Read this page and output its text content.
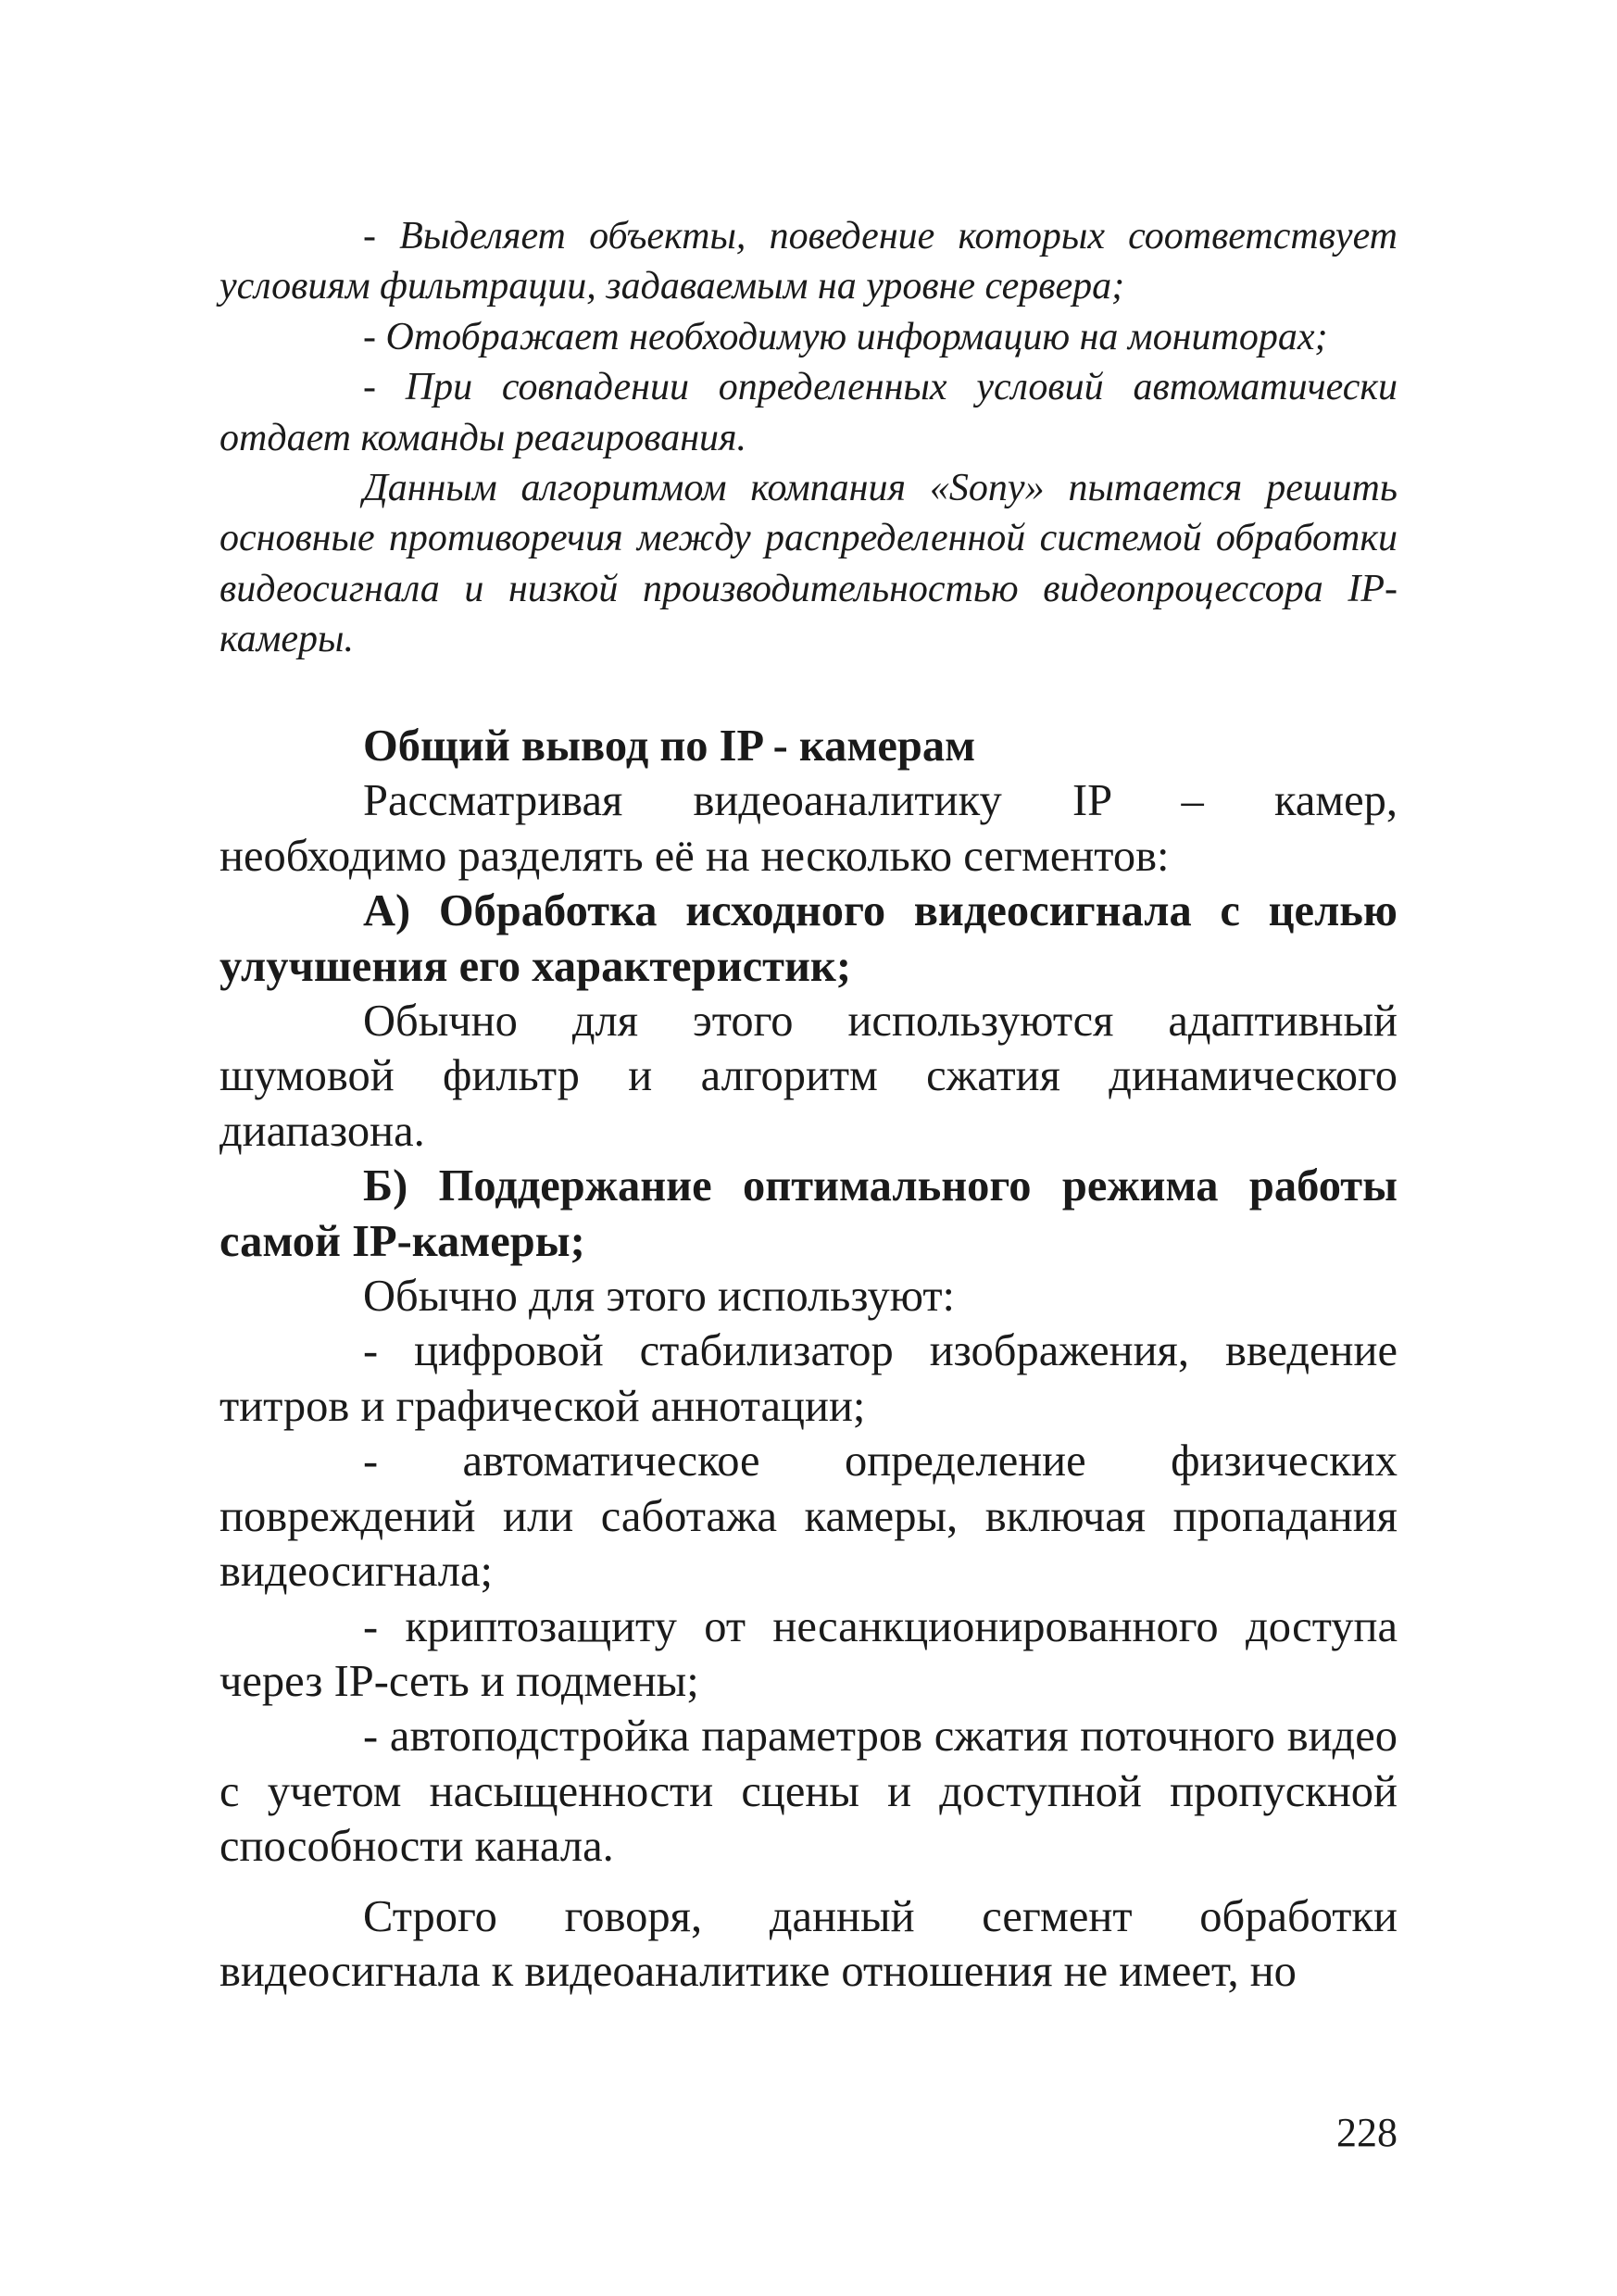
- Выделяет объекты, поведение которых соответствует условиям фильтрации, задаваемым на уровне сервера;

- Отображает необходимую информацию на мониторах;

- При совпадении определенных условий автоматически отдает команды реагирования.

Данным алгоритмом компания «Sony» пытается решить основные противоречия между распределенной системой обработки видеосигнала и низкой производительностью видеопроцессора IP- камеры.

Общий вывод по IP - камерам

Рассматривая видеоаналитику IP – камер, необходимо разделять её на несколько сегментов:

А) Обработка исходного видеосигнала с целью улучшения его характеристик;

Обычно для этого используются адаптивный шумовой фильтр и алгоритм сжатия динамического диапазона.

Б) Поддержание оптимального режима работы самой IP-камеры;

Обычно для этого используют:

- цифровой стабилизатор изображения, введение титров и графической аннотации;

- автоматическое определение физических повреждений или саботажа камеры, включая пропадания видеосигнала;

- криптозащиту от несанкционированного доступа через IP-сеть и подмены;

- автоподстройка параметров сжатия поточного видео с учетом насыщенности сцены и доступной пропускной способности канала.

Строго говоря, данный сегмент обработки видеосигнала к видеоаналитике отношения не имеет, но

228
